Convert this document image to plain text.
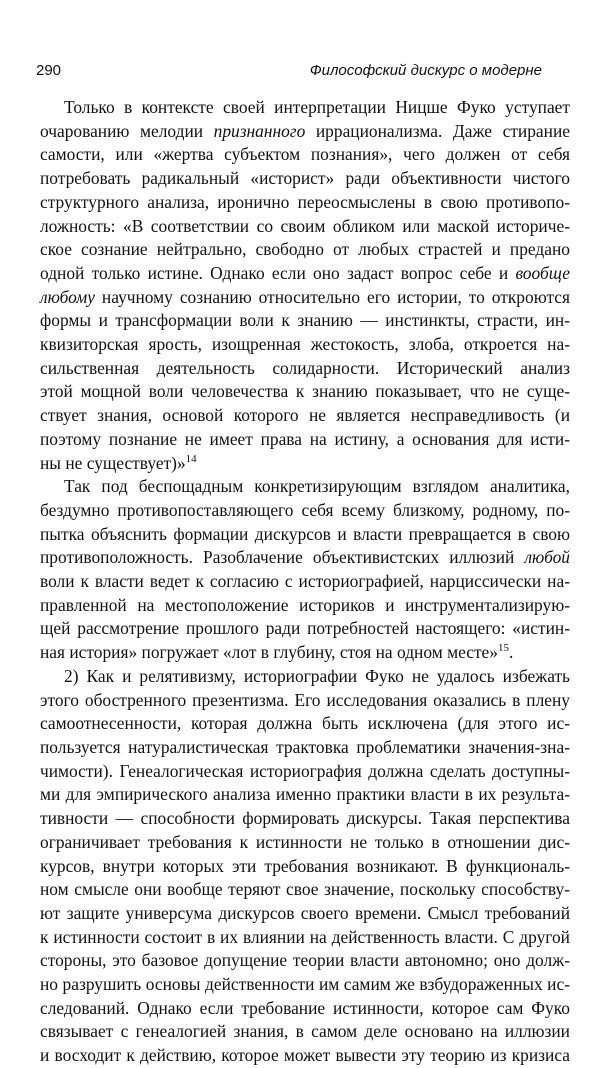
290	Философский дискурс о модерне

Только в контексте своей интерпретации Ницше Фуко уступает
очарованию мелодии признанного иррационализма. Даже стирание
самости, или «жертва субъектом познания», чего должен от себя
потребовать радикальный «историст» ради объективности чистого
структурного анализа, иронично переосмыслены в свою противопо-
ложность: «В соответствии со своим обликом или маской историче-
ское сознание нейтрально, свободно от любых страстей и предано
одной только истине. Однако если оно задаст вопрос себе и вообще
любому научному сознанию относительно его истории, то откроются
формы и трансформации воли к знанию — инстинкты, страсти, ин-
квизиторская ярость, изощренная жестокость, злоба, откроется на-
сильственная деятельность солидарности. Исторический анализ
этой мощной воли человечества к знанию показывает, что не суще-
ствует знания, основой которого не является несправедливость (и
поэтому познание не имеет права на истину, а основания для исти-
ны не существует)»$^{14}$

Так под беспощадным конкретизирующим взглядом аналитика,
бездумно противопоставляющего себя всему близкому, родному, по-
пытка объяснить формации дискурсов и власти превращается в свою
противоположность. Разоблачение объективистских иллюзий любой
воли к власти ведет к согласию с историографией, нарциссически на-
правленной на местоположение историков и инструментализирую-
щей рассмотрение прошлого ради потребностей настоящего: «истин-
ная история» погружает «лот в глубину, стоя на одном месте»$^{15}$.

2) Как и релятивизму, историографии Фуко не удалось избежать
этого обостренного презентизма. Его исследования оказались в плену
самоотнесенности, которая должна быть исключена (для этого ис-
пользуется натуралистическая трактовка проблематики значения-зна-
чимости). Генеалогическая историография должна сделать доступны-
ми для эмпирического анализа именно практики власти в их результа-
тивности — способности формировать дискурсы. Такая перспектива
ограничивает требования к истинности не только в отношении дис-
курсов, внутри которых эти требования возникают. В функциональ-
ном смысле они вообще теряют свое значение, поскольку способству-
ют защите универсума дискурсов своего времени. Смысл требований
к истинности состоит в их влиянии на действенность власти. С другой
стороны, это базовое допущение теории власти автономно; оно долж-
но разрушить основы действенности им самим же взбудораженных ис-
следований. Однако если требование истинности, которое сам Фуко
связывает с генеалогией знания, в самом деле основано на иллюзии
и восходит к действию, которое может вывести эту теорию из кризиса
